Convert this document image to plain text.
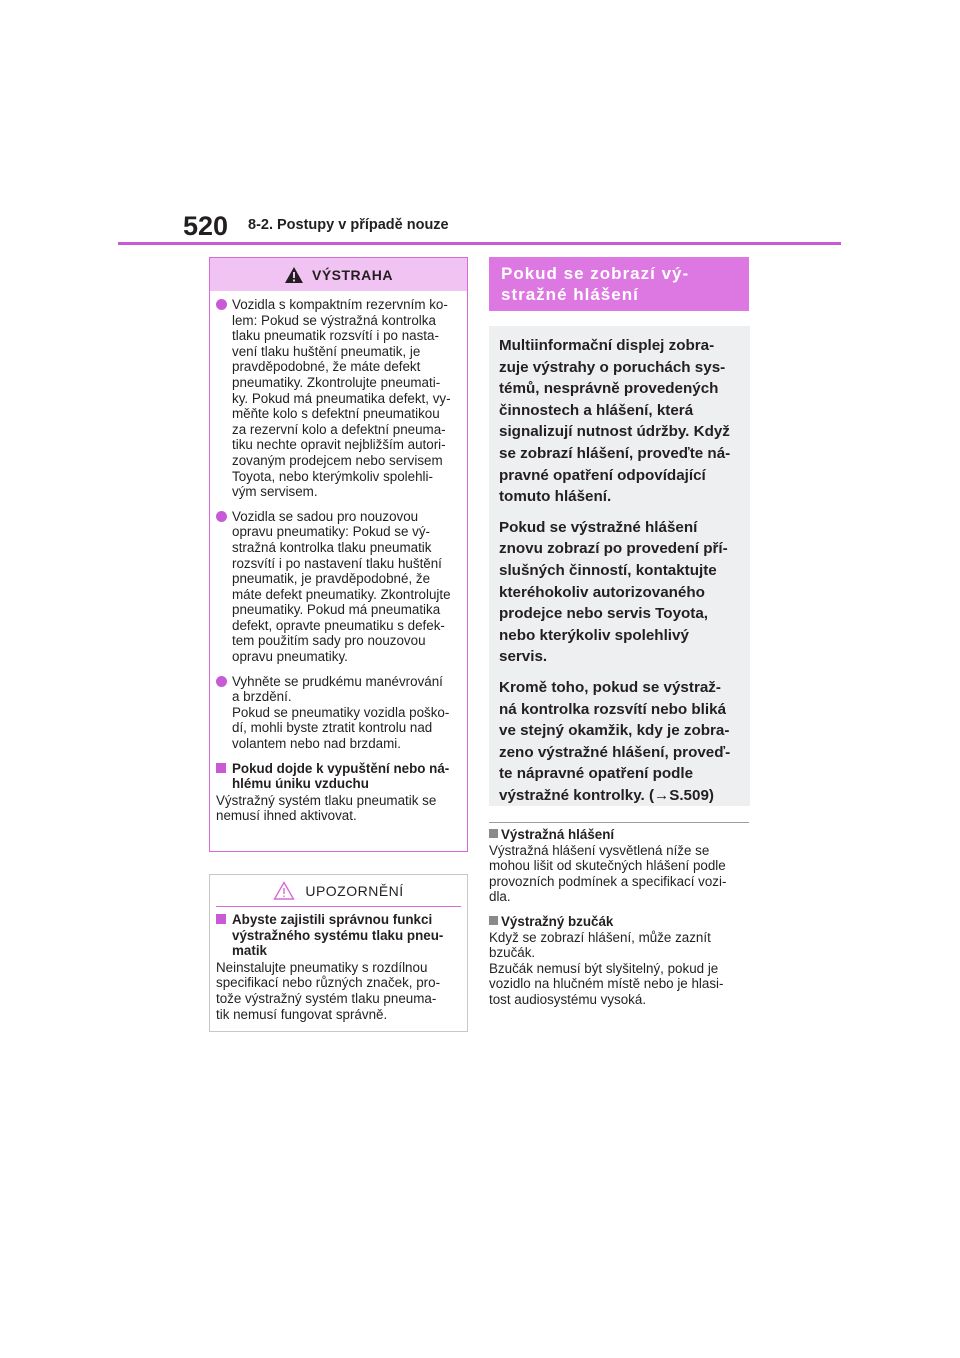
520 8-2. Postupy v případě nouze
VÝSTRAHA
Vozidla s kompaktním rezervním ko-
lem: Pokud se výstražná kontrolka
tlaku pneumatik rozsvítí i po nasta-
vení tlaku huštění pneumatik, je
pravděpodobné, že máte defekt
pneumatiky. Zkontrolujte pneumati-
ky. Pokud má pneumatika defekt, vy-
měňte kolo s defektní pneumatikou
za rezervní kolo a defektní pneuma-
tiku nechte opravit nejbližším autori-
zovaným prodejcem nebo servisem
Toyota, nebo kterýmkoliv spolehli-
vým servisem.
Vozidla se sadou pro nouzovou
opravu pneumatiky: Pokud se vý-
stražná kontrolka tlaku pneumatik
rozsvítí i po nastavení tlaku huštění
pneumatik, je pravděpodobné, že
máte defekt pneumatiky. Zkontrolujte
pneumatiky. Pokud má pneumatika
defekt, opravte pneumatiku s defek-
tem použitím sady pro nouzovou
opravu pneumatiky.
Vyhněte se prudkému manévrování
a brzdění.
Pokud se pneumatiky vozidla poško-
dí, mohli byste ztratit kontrolu nad
volantem nebo nad brzdami.
Pokud dojde k vypuštění nebo ná-
hlému úniku vzduchu
Výstražný systém tlaku pneumatik se
nemusí ihned aktivovat.
UPOZORNĚNÍ
Abyste zajistili správnou funkci
výstražného systému tlaku pneu-
matik
Neinstalujte pneumatiky s rozdílnou
specifikací nebo různých značek, pro-
tože výstražný systém tlaku pneuma-
tik nemusí fungovat správně.
Pokud se zobrazí vý-
stražné hlášení

Multiinformační displej zobra-
zuje výstrahy o poruchách sys-
témů, nesprávně provedených
činnostech a hlášení, která
signalizují nutnost údržby. Když
se zobrazí hlášení, proveďte ná-
pravné opatření odpovídající
tomuto hlášení.

Pokud se výstražné hlášení
znovu zobrazí po provedení pří-
slušných činností, kontaktujte
kteréhokoliv autorizovaného
prodejce nebo servis Toyota,
nebo kterýkoliv spolehlivý
servis.

Kromě toho, pokud se výstraž-
ná kontrolka rozsvítí nebo bliká
ve stejný okamžik, kdy je zobra-
zeno výstražné hlášení, proveď-
te nápravné opatření podle
výstražné kontrolky. (→S.509)

Výstražná hlášení
Výstražná hlášení vysvětlená níže se
mohou lišit od skutečných hlášení podle
provozních podmínek a specifikací vozi-
dla.
Výstražný bzučák
Když se zobrazí hlášení, může zaznít
bzučák.
Bzučák nemusí být slyšitelný, pokud je
vozidlo na hlučném místě nebo je hlasi-
tost audiosystému vysoká.
